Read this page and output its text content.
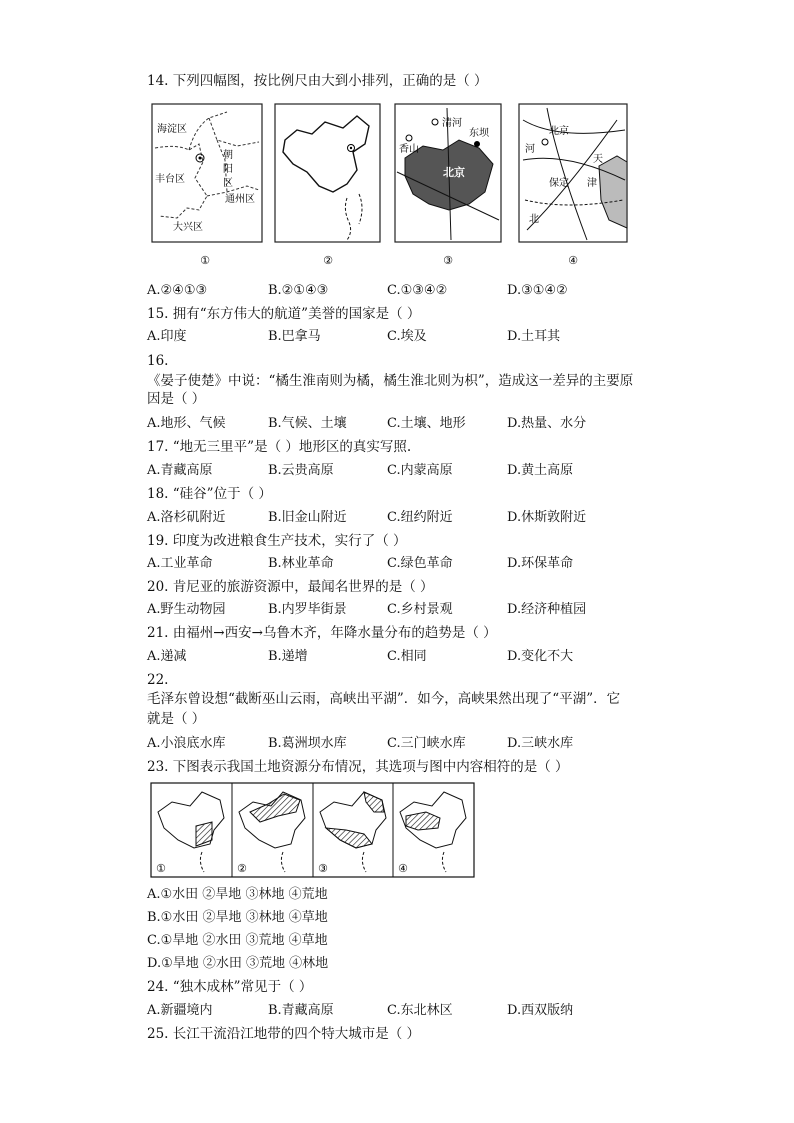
14. 下列四幅图，按比例尺由大到小排列，正确的是（ ）
海淀区
朝
阳
区
丰台区
通州区
大兴区
清河
香山
东坝
北京
北京
河
保定
天
津
北
①	②	③	④
A.②④①③	B.②①④③	C.①③④②	D.③①④②
15. 拥有“东方伟大的航道”美誉的国家是（ ）
A.印度	B.巴拿马	C.埃及	D.土耳其
16.
《晏子使楚》中说：“橘生淮南则为橘，橘生淮北则为枳”，造成这一差异的主要原
因是（ ）
A.地形、气候	B.气候、土壤	C.土壤、地形	D.热量、水分
17. “地无三里平”是（ ）地形区的真实写照.
A.青藏高原	B.云贵高原	C.内蒙高原	D.黄土高原
18. “硅谷”位于（ ）
A.洛杉矶附近	B.旧金山附近	C.纽约附近	D.休斯敦附近
19. 印度为改进粮食生产技术，实行了（ ）
A.工业革命	B.林业革命	C.绿色革命	D.环保革命
20. 肯尼亚的旅游资源中，最闻名世界的是（ ）
A.野生动物园	B.内罗毕街景	C.乡村景观	D.经济种植园
21. 由福州→西安→乌鲁木齐，年降水量分布的趋势是（ ）
A.递减	B.递增	C.相同	D.变化不大
22.
毛泽东曾设想“截断巫山云雨，高峡出平湖”．如今，高峡果然出现了“平湖”．它
就是（ ）
A.小浪底水库	B.葛洲坝水库	C.三门峡水库	D.三峡水库
23. 下图表示我国土地资源分布情况，其选项与图中内容相符的是（ ）
①	②	③	④
A.①水田 ②旱地 ③林地 ④荒地
B.①水田 ②旱地 ③林地 ④草地
C.①旱地 ②水田 ③荒地 ④草地
D.①旱地 ②水田 ③荒地 ④林地
24. “独木成林”常见于（ ）
A.新疆境内	B.青藏高原	C.东北林区	D.西双版纳
25. 长江干流沿江地带的四个特大城市是（ ）
